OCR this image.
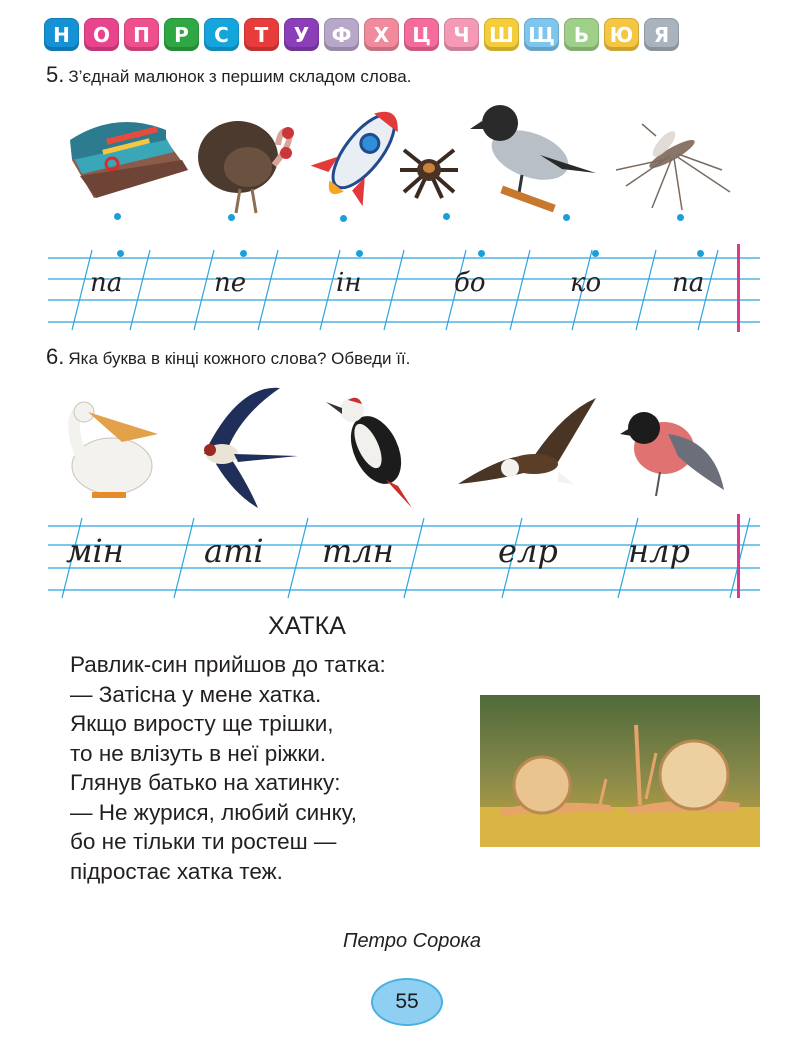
Н	О	П	Р	С	Т	У	Ф	Х	Ц	Ч Ш Щ Ь	Ю	Я
5. З’єднай малюнок з першим складом слова.
па	пе	ін	бо	ко	па
6. Яка буква в кінці кожного слова? Обведи її.
мін	аті тлн	елр нлр
ХАТКА
Равлик-син прийшов до татка:
— Затісна у мене хатка.
Якщо виросту ще трішки,
то не влізуть в неї ріжки.
Глянув батько на хатинку:
— Не журися, любий синку,
бо не тільки ти ростеш —
підростає хатка теж.
Петро Сорока
55
